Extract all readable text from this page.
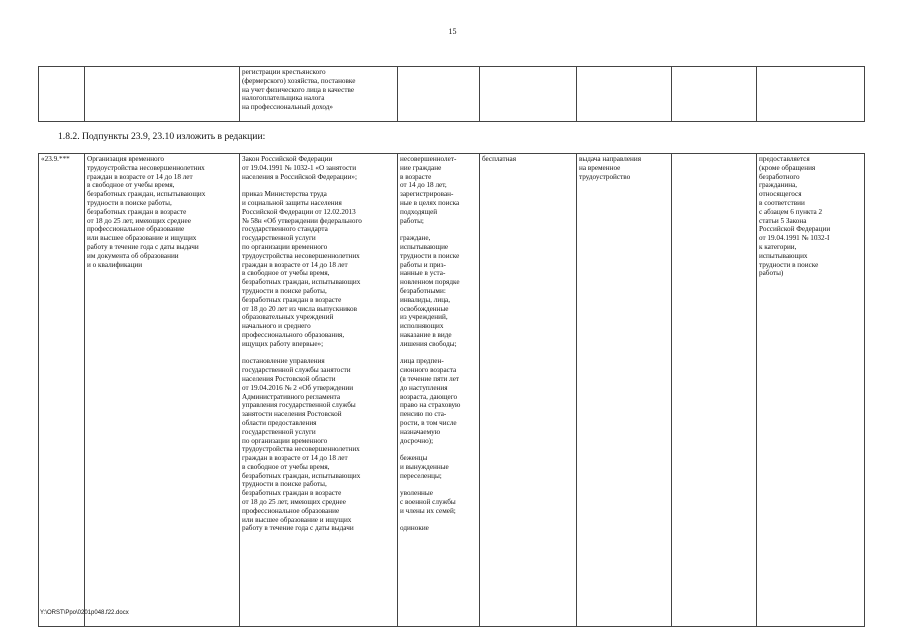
15
		регистрации крестьянского
(фермерского) хозяйства, постановке
на учет физического лица в качестве
налогоплательщика налога
на профессиональный доход»					
1.8.2. Подпункты 23.9, 23.10 изложить в редакции:
«23.9.***	Организация временного
трудоустройства несовершеннолетних
граждан в возрасте от 14 до 18 лет
в свободное от учебы время,
безработных граждан, испытывающих
трудности в поиске работы,
безработных граждан в возрасте
от 18 до 25 лет, имеющих среднее
профессиональное образование
или высшее образование и ищущих
работу в течение года с даты выдачи
им документа об образовании
и о квалификации	Закон Российской Федерации
от 19.04.1991 № 1032-1 «О занятости
населения в Российской Федерации»;

приказ Министерства труда
и социальной защиты населения
Российской Федерации от 12.02.2013
№ 58н «Об утверждении федерального
государственного стандарта
государственной услуги
по организации временного
трудоустройства несовершеннолетних
граждан в возрасте от 14 до 18 лет
в свободное от учебы время,
безработных граждан, испытывающих
трудности в поиске работы,
безработных граждан в возрасте
от 18 до 20 лет из числа выпускников
образовательных учреждений
начального и среднего
профессионального образования,
ищущих работу впервые»;

постановление управления
государственной службы занятости
населения Ростовской области
от 19.04.2016 № 2 «Об утверждении
Административного регламента
управления государственной службы
занятости населения Ростовской
области предоставления
государственной услуги
по организации временного
трудоустройства несовершеннолетних
граждан в возрасте от 14 до 18 лет
в свободное от учебы время,
безработных граждан, испытывающих
трудности в поиске работы,
безработных граждан в возрасте
от 18 до 25 лет, имеющих среднее
профессиональное образование
или высшее образование и ищущих
работу в течение года с даты выдачи	несовершеннолет-
ние граждане
в возрасте
от 14 до 18 лет,
зарегистрирован-
ные в целях поиска
подходящей
работы;

граждане,
испытывающие
трудности в поиске
работы и приз-
нанные в уста-
новленном порядке
безработными:
инвалиды, лица,
освобожденные
из учреждений,
исполняющих
наказание в виде
лишения свободы;

лица предпен-
сионного возраста
(в течение пяти лет
до наступления
возраста, дающего
право на страховую
пенсию по ста-
рости, в том числе
назначаемую
досрочно);

беженцы
и вынужденные
переселенцы;

уволенные
с военной службы
и члены их семей;

одинокие	бесплатная	выдача направления
на временное
трудоустройство		предоставляется
(кроме обращения
безработного
гражданина,
относящегося
в соответствии
с абзацем 6 пункта 2
статьи 5 Закона
Российской Федерации
от 19.04.1991 № 1032-I
к категории,
испытывающих
трудности в поиске
работы)
Y:\ORST\Ppo\0201p048.f22.docx
